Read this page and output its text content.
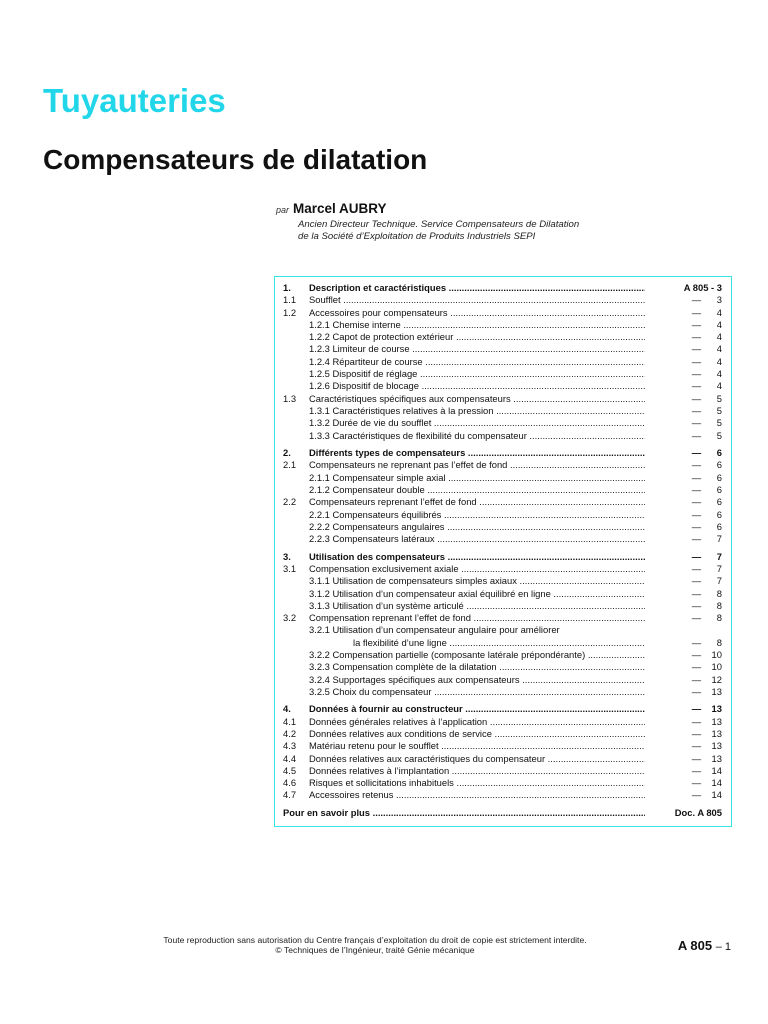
Tuyauteries
Compensateurs de dilatation
par Marcel AUBRY
Ancien Directeur Technique. Service Compensateurs de Dilatation
de la Société d’Exploitation de Produits Industriels SEPI
1. Description et caractéristiques .....	A 805 - 3
1.1 Soufflet .....	—      3
1.2 Accessoires pour compensateurs .....	—      4
1.2.1 Chemise interne .....	—      4
1.2.2 Capot de protection extérieur .....	—      4
1.2.3 Limiteur de course .....	—      4
1.2.4 Répartiteur de course .....	—      4
1.2.5 Dispositif de réglage .....	—      4
1.2.6 Dispositif de blocage .....	—      4
1.3 Caractéristiques spécifiques aux compensateurs .....	—      5
1.3.1 Caractéristiques relatives à la pression .....	—      5
1.3.2 Durée de vie du soufflet .....	—      5
1.3.3 Caractéristiques de flexibilité du compensateur .....	—      5
2. Différents types de compensateurs .....	—      6
2.1 Compensateurs ne reprenant pas l’effet de fond .....	—      6
2.1.1 Compensateur simple axial .....	—      6
2.1.2 Compensateur double .....	—      6
2.2 Compensateurs reprenant l’effet de fond .....	—      6
2.2.1 Compensateurs équilibrés .....	—      6
2.2.2 Compensateurs angulaires .....	—      6
2.2.3 Compensateurs latéraux .....	—      7
3. Utilisation des compensateurs .....	—      7
3.1 Compensation exclusivement axiale .....	—      7
3.1.1 Utilisation de compensateurs simples axiaux .....	—      7
3.1.2 Utilisation d’un compensateur axial équilibré en ligne .....	—      8
3.1.3 Utilisation d’un système articulé .....	—      8
3.2 Compensation reprenant l’effet de fond .....	—      8
3.2.1 Utilisation d’un compensateur angulaire pour améliorer
la flexibilité d’une ligne .....	—      8
3.2.2 Compensation partielle (composante latérale prépondérante) .....	—    10
3.2.3 Compensation complète de la dilatation .....	—    10
3.2.4 Supportages spécifiques aux compensateurs .....	—    12
3.2.5 Choix du compensateur .....	—    13
4. Données à fournir au constructeur .....	—    13
4.1 Données générales relatives à l’application .....	—    13
4.2 Données relatives aux conditions de service .....	—    13
4.3 Matériau retenu pour le soufflet .....	—    13
4.4 Données relatives aux caractéristiques du compensateur .....	—    13
4.5 Données relatives à l’implantation .....	—    14
4.6 Risques et sollicitations inhabituels .....	—    14
4.7 Accessoires retenus .....	—    14
Pour en savoir plus .....	Doc. A 805
Toute reproduction sans autorisation du Centre français d’exploitation du droit de copie est strictement interdite.
© Techniques de l’Ingénieur, traité Génie mécanique	A 805 – 1
